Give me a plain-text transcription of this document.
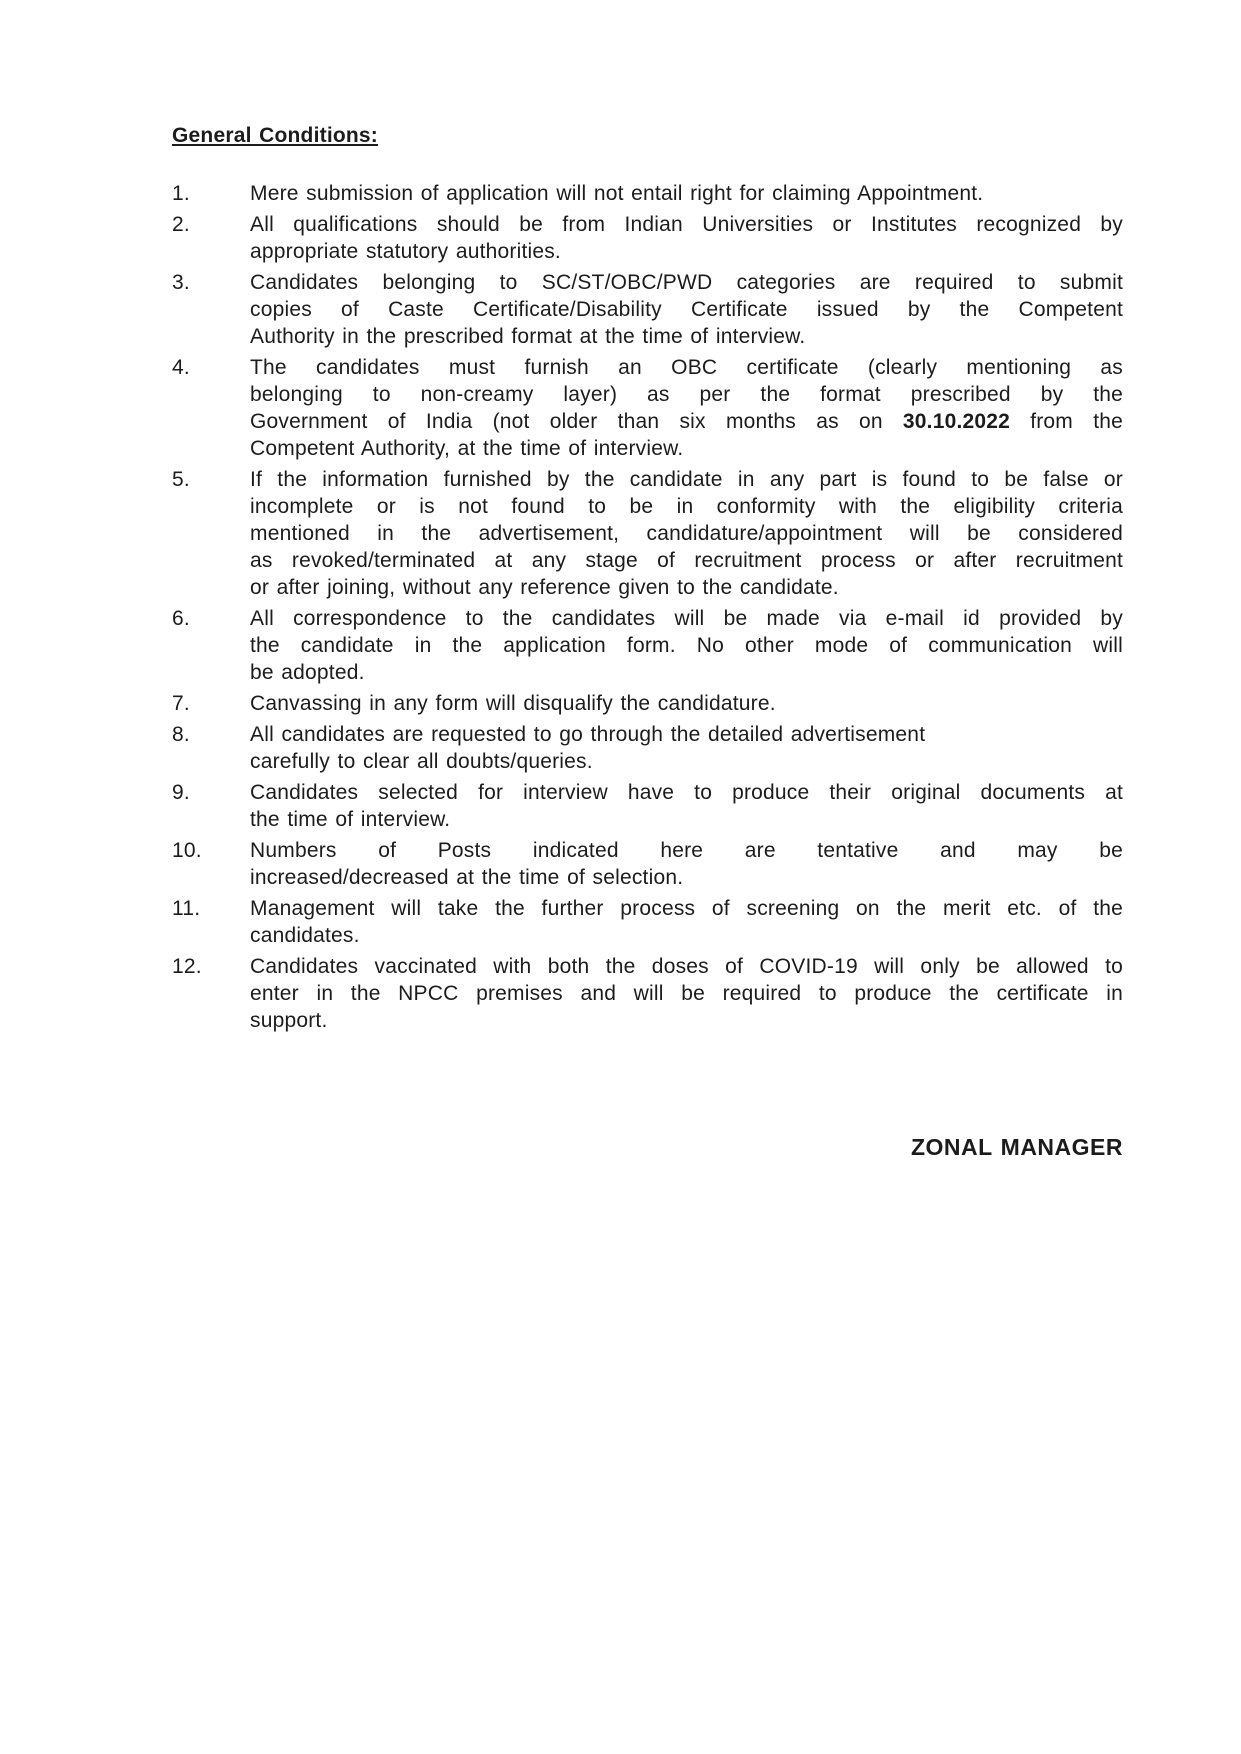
General Conditions:
1.	Mere submission of application will not entail right for claiming Appointment.
2.	All qualifications should be from Indian Universities or Institutes recognized by
appropriate statutory authorities.
3.	Candidates belonging to SC/ST/OBC/PWD categories are required to submit
copies of Caste Certificate/Disability Certificate issued by the Competent
Authority in the prescribed format at the time of interview.
4.	The candidates must furnish an OBC certificate (clearly mentioning as
belonging to non-creamy layer) as per the format prescribed by the
Government of India (not older than six months as on 30.10.2022 from the
Competent Authority, at the time of interview.
5.	If the information furnished by the candidate in any part is found to be false or
incomplete or is not found to be in conformity with the eligibility criteria
mentioned in the advertisement, candidature/appointment will be considered
as revoked/terminated at any stage of recruitment process or after recruitment
or after joining, without any reference given to the candidate.
6.	All correspondence to the candidates will be made via e-mail id provided by
the candidate in the application form. No other mode of communication will
be adopted.
7.	Canvassing in any form will disqualify the candidature.
8.	All candidates are requested to go through the detailed advertisement
carefully to clear all doubts/queries.
9.	Candidates selected for interview have to produce their original documents at
the time of interview.
10.	Numbers of Posts indicated here are tentative and may be
increased/decreased at the time of selection.
11.	Management will take the further process of screening on the merit etc. of the
candidates.
12.	Candidates vaccinated with both the doses of COVID-19 will only be allowed to
enter in the NPCC premises and will be required to produce the certificate in
support.
ZONAL MANAGER
